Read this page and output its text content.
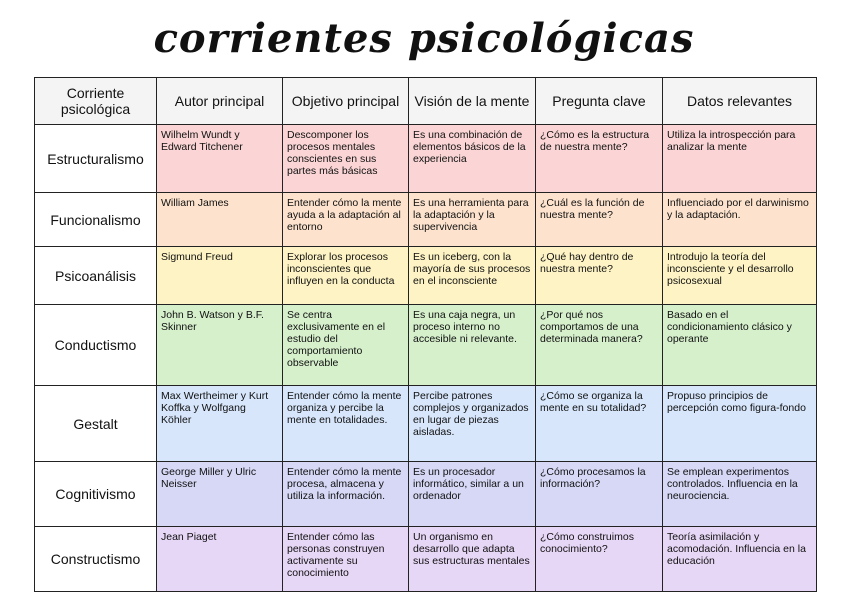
corrientes psicológicas
Corriente psicológica	Autor principal	Objetivo principal	Visión de la mente	Pregunta clave	Datos relevantes
Estructuralismo	Wilhelm Wundt y Edward Titchener	Descomponer los procesos mentales conscientes en sus partes más básicas	Es una combinación de elementos básicos de la experiencia	¿Cómo es la estructura de nuestra mente?	Utiliza la introspección para analizar la mente
Funcionalismo	William James	Entender cómo la mente ayuda a la adaptación al entorno	Es una herramienta para la adaptación y la supervivencia	¿Cuál es la función de nuestra mente?	Influenciado por el darwinismo y la adaptación.
Psicoanálisis	Sigmund Freud	Explorar los procesos inconscientes que influyen en la conducta	Es un iceberg, con la mayoría de sus procesos en el inconsciente	¿Qué hay dentro de nuestra mente?	Introdujo la teoría del inconsciente y el desarrollo psicosexual
Conductismo	John B. Watson y B.F. Skinner	Se centra exclusivamente en el estudio del comportamiento observable	Es una caja negra, un proceso interno no accesible ni relevante.	¿Por qué nos comportamos de una determinada manera?	Basado en el condicionamiento clásico y operante
Gestalt	Max Wertheimer y Kurt Koffka y Wolfgang Köhler	Entender cómo la mente organiza y percibe la mente en totalidades.	Percibe patrones complejos y organizados en lugar de piezas aisladas.	¿Cómo se organiza la mente en su totalidad?	Propuso principios de percepción como figura-fondo
Cognitivismo	George Miller y Ulric Neisser	Entender cómo la mente procesa, almacena y utiliza la información.	Es un procesador informático, similar a un ordenador	¿Cómo procesamos la información?	Se emplean experimentos controlados. Influencia en la neurociencia.
Constructismo	Jean Piaget	Entender cómo las personas construyen activamente su conocimiento	Un organismo en desarrollo que adapta sus estructuras mentales	¿Cómo construimos conocimiento?	Teoría asimilación y acomodación. Influencia en la educación
